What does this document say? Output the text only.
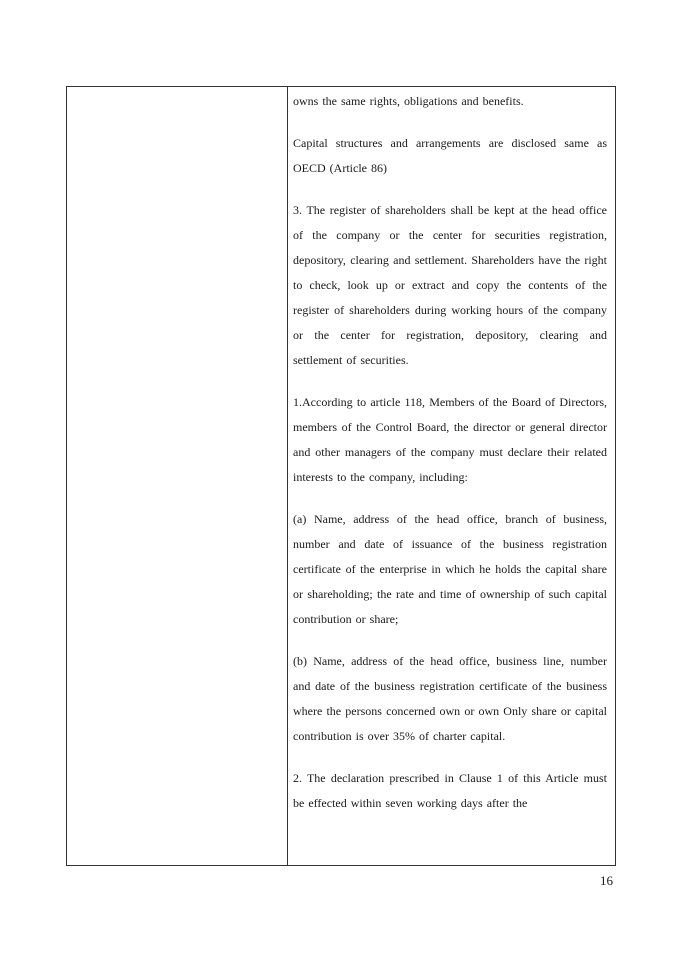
owns the same rights, obligations and benefits.

Capital structures and arrangements are disclosed same as OECD (Article 86)

3. The register of shareholders shall be kept at the head office of the company or the center for securities registration, depository, clearing and settlement. Shareholders have the right to check, look up or extract and copy the contents of the register of shareholders during working hours of the company or the center for registration, depository, clearing and settlement of securities.

1.According to article 118, Members of the Board of Directors, members of the Control Board, the director or general director and other managers of the company must declare their related interests to the company, including:

(a) Name, address of the head office, branch of business, number and date of issuance of the business registration certificate of the enterprise in which he holds the capital share or shareholding; the rate and time of ownership of such capital contribution or share;

(b) Name, address of the head office, business line, number and date of the business registration certificate of the business where the persons concerned own or own Only share or capital contribution is over 35% of charter capital.

2. The declaration prescribed in Clause 1 of this Article must be effected within seven working days after the

16
